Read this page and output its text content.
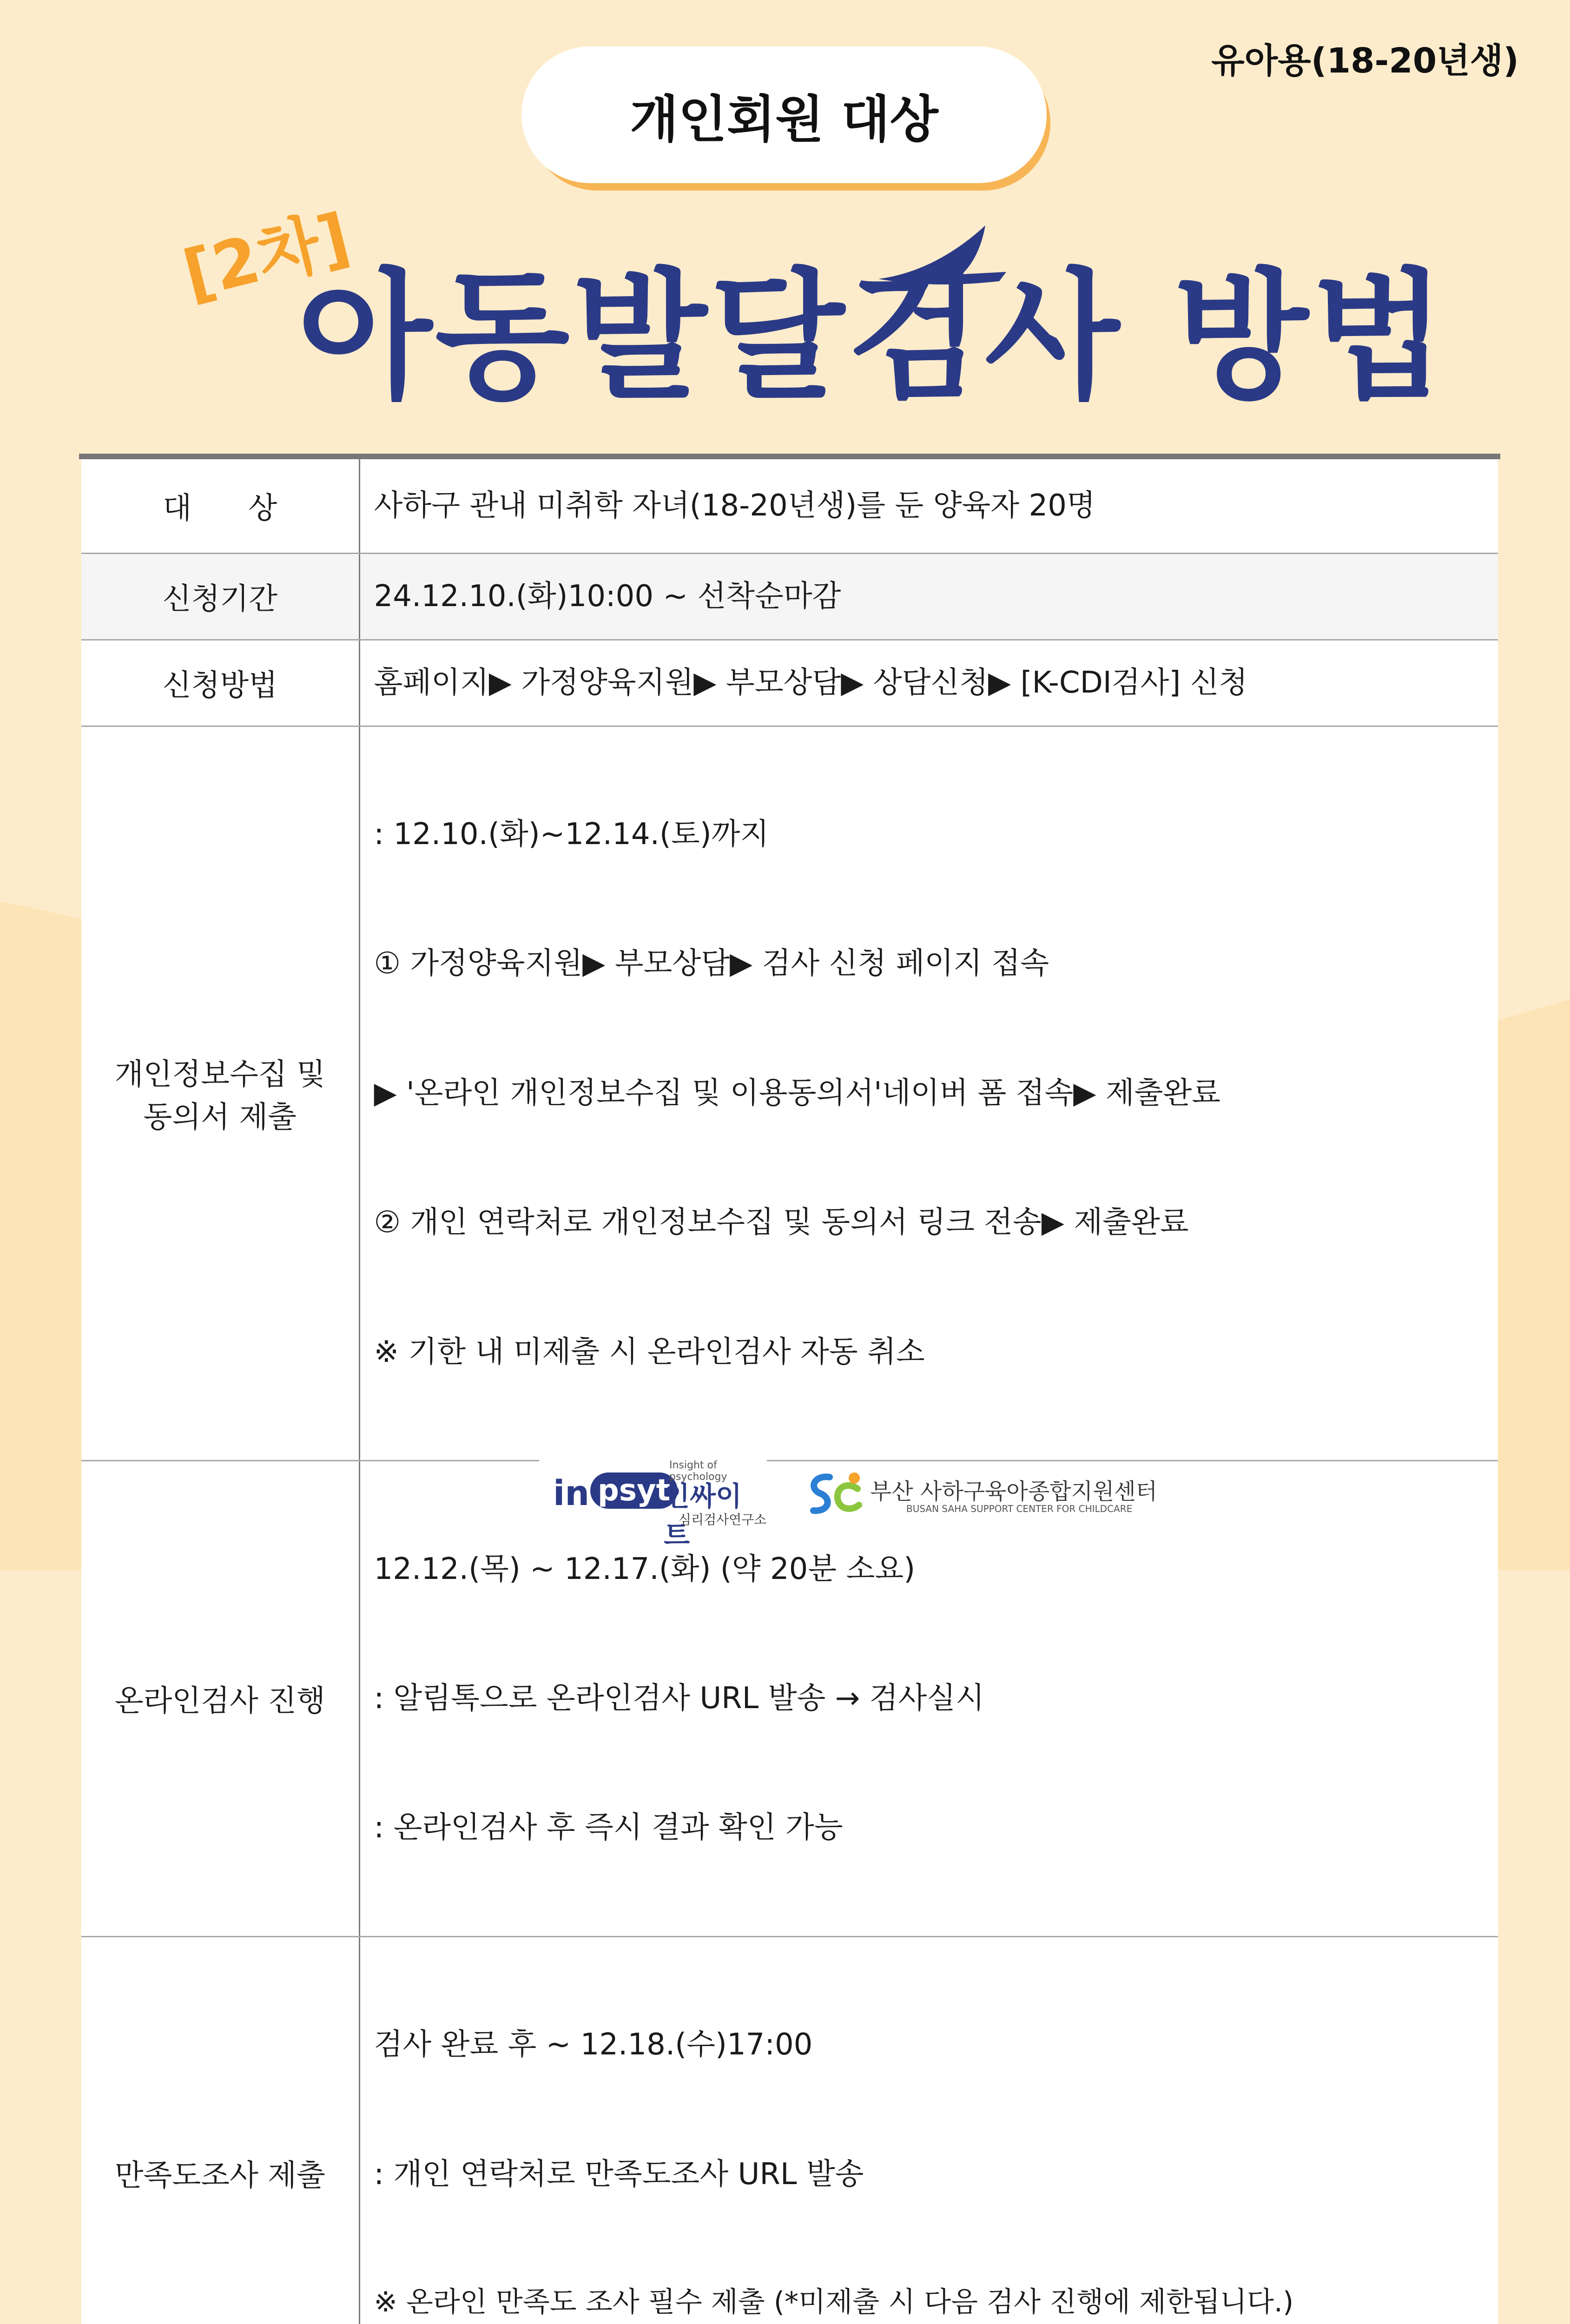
유아용(18-20년생)
개인회원 대상
[2차]
아동발달검사 방법
대      상	사하구 관내 미취학 자녀(18-20년생)를 둔 양육자 20명

신청기간	24.12.10.(화)10:00 ~ 선착순마감

신청방법	홈페이지▶ 가정양육지원▶ 부모상담▶ 상담신청▶ [K-CDI검사] 신청

개인정보수집 및
동의서 제출	: 12.10.(화)~12.14.(토)까지

① 가정양육지원▶ 부모상담▶ 검사 신청 페이지 접속

▶ '온라인 개인정보수집 및 이용동의서'네이버 폼 접속▶ 제출완료

② 개인 연락처로 개인정보수집 및 동의서 링크 전송▶ 제출완료

※ 기한 내 미제출 시 온라인검사 자동 취소

온라인검사 진행	12.12.(목) ~ 12.17.(화) (약 20분 소요)

: 알림톡으로 온라인검사 URL 발송 → 검사실시

: 온라인검사 후 즉시 결과 확인 가능

만족도조사 제출	검사 완료 후 ~ 12.18.(수)17:00

: 개인 연락처로 만족도조사 URL 발송

※ 온라인 만족도 조사 필수 제출 (*미제출 시 다음 검사 진행에 제한됩니다.)

in psyt
Insight of psychology
인싸이트
심리검사연구소
부산 사하구육아종합지원센터
BUSAN SAHA SUPPORT CENTER FOR CHILDCARE
